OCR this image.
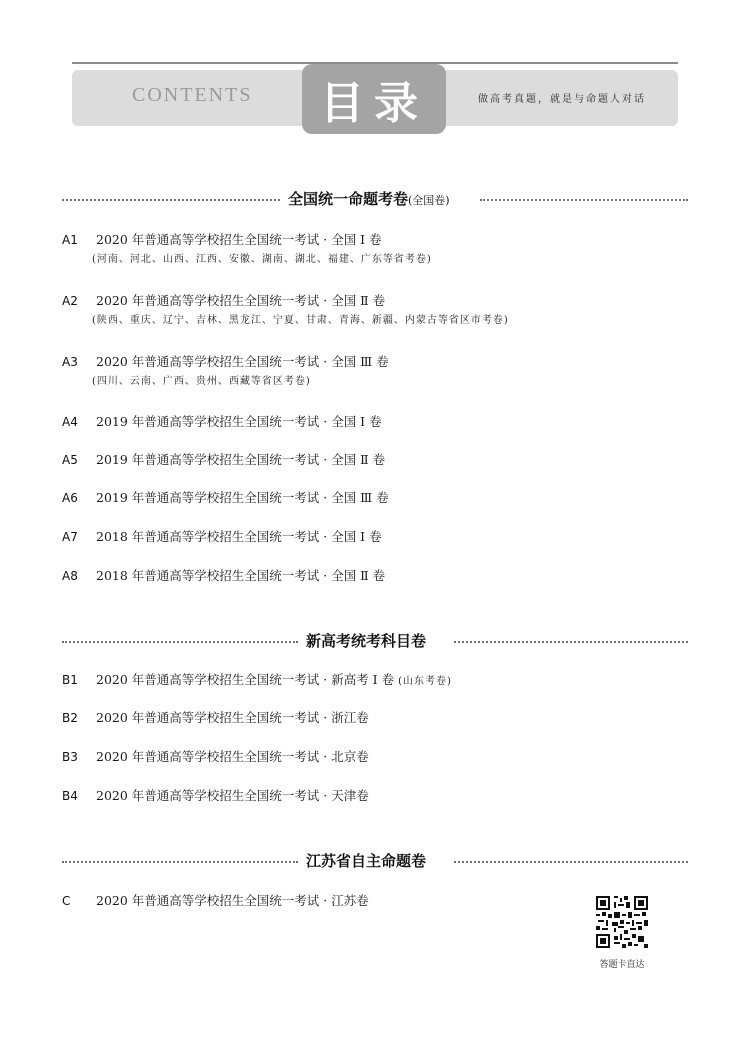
CONTENTS	目录	做高考真题，就是与命题人对话
全国统一命题考卷(全国卷)
A1	2020 年普通高等学校招生全国统一考试 · 全国 Ⅰ 卷
(河南、河北、山西、江西、安徽、湖南、湖北、福建、广东等省考卷)
A2	2020 年普通高等学校招生全国统一考试 · 全国 Ⅱ 卷
(陕西、重庆、辽宁、吉林、黑龙江、宁夏、甘肃、青海、新疆、内蒙古等省区市考卷)
A3	2020 年普通高等学校招生全国统一考试 · 全国 Ⅲ 卷
(四川、云南、广西、贵州、西藏等省区考卷)
A4	2019 年普通高等学校招生全国统一考试 · 全国 Ⅰ 卷
A5	2019 年普通高等学校招生全国统一考试 · 全国 Ⅱ 卷
A6	2019 年普通高等学校招生全国统一考试 · 全国 Ⅲ 卷
A7	2018 年普通高等学校招生全国统一考试 · 全国 Ⅰ 卷
A8	2018 年普通高等学校招生全国统一考试 · 全国 Ⅱ 卷
新高考统考科目卷
B1	2020 年普通高等学校招生全国统一考试 · 新高考 Ⅰ 卷 (山东考卷)
B2	2020 年普通高等学校招生全国统一考试 · 浙江卷
B3	2020 年普通高等学校招生全国统一考试 · 北京卷
B4	2020 年普通高等学校招生全国统一考试 · 天津卷
江苏省自主命题卷
C	2020 年普通高等学校招生全国统一考试 · 江苏卷
答题卡直达
